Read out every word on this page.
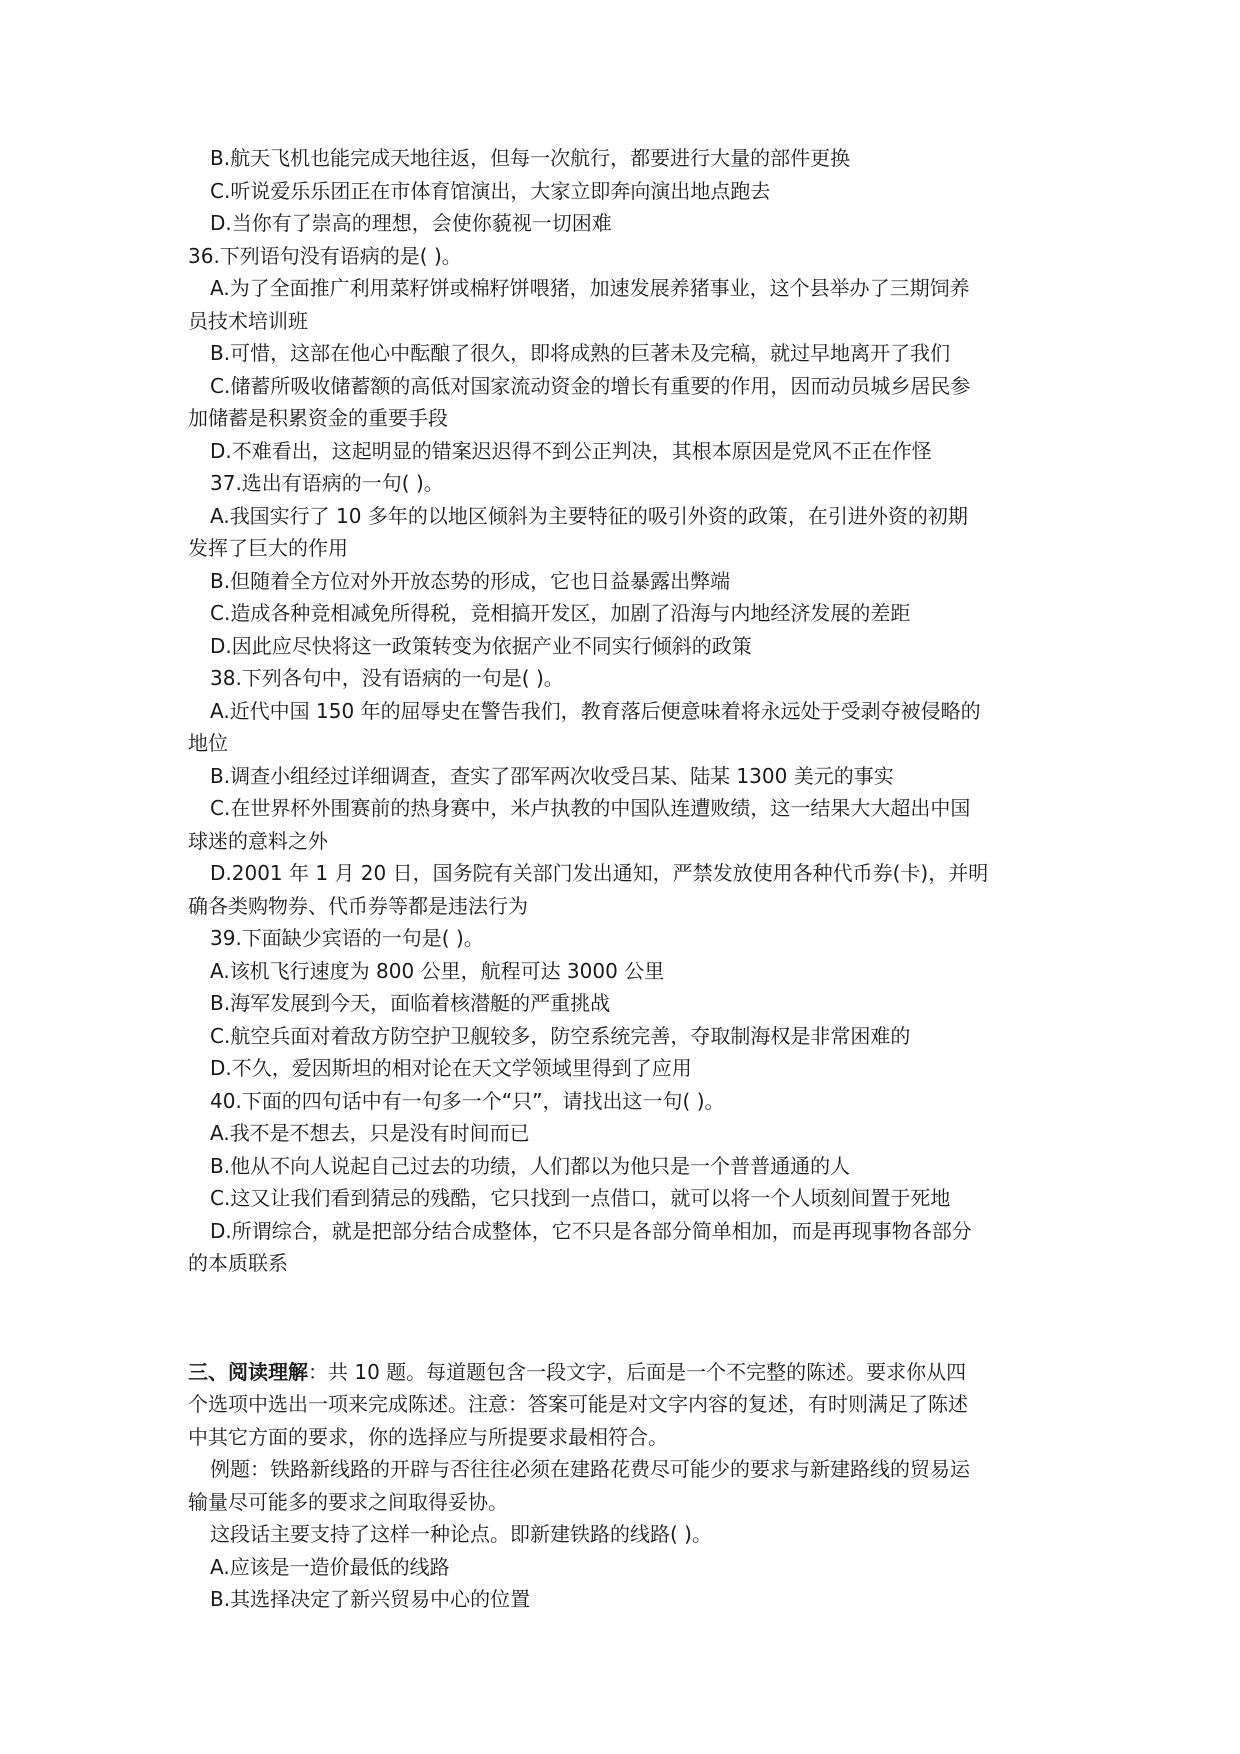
B.航天飞机也能完成天地往返，但每一次航行，都要进行大量的部件更换
C.听说爱乐乐团正在市体育馆演出，大家立即奔向演出地点跑去
D.当你有了崇高的理想，会使你藐视一切困难
36.下列语句没有语病的是( )。
A.为了全面推广利用菜籽饼或棉籽饼喂猪，加速发展养猪事业，这个县举办了三期饲养
员技术培训班
B.可惜，这部在他心中酝酿了很久，即将成熟的巨著未及完稿，就过早地离开了我们
C.储蓄所吸收储蓄额的高低对国家流动资金的增长有重要的作用，因而动员城乡居民参
加储蓄是积累资金的重要手段
D.不难看出，这起明显的错案迟迟得不到公正判决，其根本原因是党风不正在作怪
37.选出有语病的一句( )。
A.我国实行了 10 多年的以地区倾斜为主要特征的吸引外资的政策，在引进外资的初期
发挥了巨大的作用
B.但随着全方位对外开放态势的形成，它也日益暴露出弊端
C.造成各种竞相减免所得税，竞相搞开发区，加剧了沿海与内地经济发展的差距
D.因此应尽快将这一政策转变为依据产业不同实行倾斜的政策
38.下列各句中，没有语病的一句是( )。
A.近代中国 150 年的屈辱史在警告我们，教育落后便意味着将永远处于受剥夺被侵略的
地位
B.调查小组经过详细调查，查实了邵军两次收受吕某、陆某 1300 美元的事实
C.在世界杯外围赛前的热身赛中，米卢执教的中国队连遭败绩，这一结果大大超出中国
球迷的意料之外
D.2001 年 1 月 20 日，国务院有关部门发出通知，严禁发放使用各种代币券(卡)，并明
确各类购物券、代币券等都是违法行为
39.下面缺少宾语的一句是( )。
A.该机飞行速度为 800 公里，航程可达 3000 公里
B.海军发展到今天，面临着核潜艇的严重挑战
C.航空兵面对着敌方防空护卫舰较多，防空系统完善，夺取制海权是非常困难的
D.不久，爱因斯坦的相对论在天文学领域里得到了应用
40.下面的四句话中有一句多一个“只”，请找出这一句( )。
A.我不是不想去，只是没有时间而已
B.他从不向人说起自己过去的功绩，人们都以为他只是一个普普通通的人
C.这又让我们看到猜忌的残酷，它只找到一点借口，就可以将一个人顷刻间置于死地
D.所谓综合，就是把部分结合成整体，它不只是各部分简单相加，而是再现事物各部分
的本质联系
三、阅读理解：共 10 题。每道题包含一段文字，后面是一个不完整的陈述。要求你从四
个选项中选出一项来完成陈述。注意：答案可能是对文字内容的复述，有时则满足了陈述
中其它方面的要求，你的选择应与所提要求最相符合。
例题：铁路新线路的开辟与否往往必须在建路花费尽可能少的要求与新建路线的贸易运
输量尽可能多的要求之间取得妥协。
这段话主要支持了这样一种论点。即新建铁路的线路( )。
A.应该是一造价最低的线路
B.其选择决定了新兴贸易中心的位置
